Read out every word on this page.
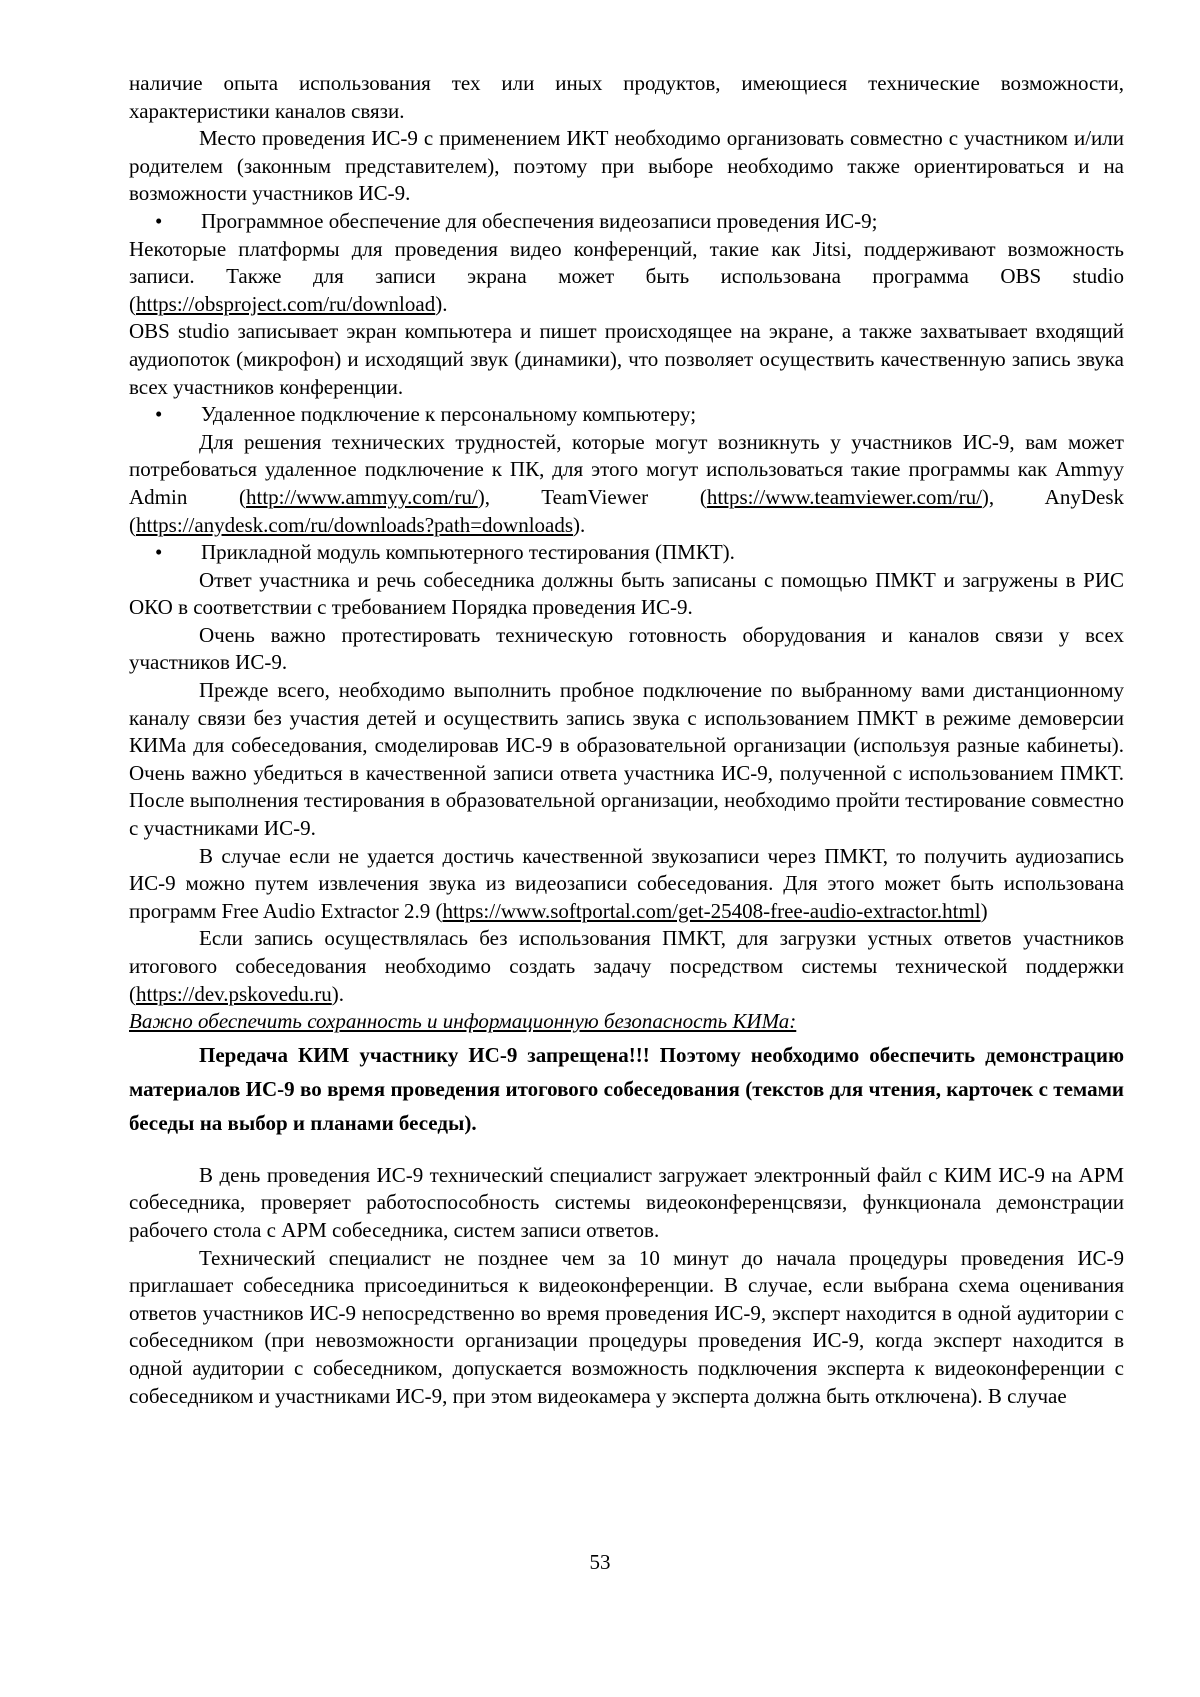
наличие опыта использования тех или иных продуктов, имеющиеся технические возможности, характеристики каналов связи.

Место проведения ИС-9 с применением ИКТ необходимо организовать совместно с участником и/или родителем (законным представителем), поэтому при выборе необходимо также ориентироваться и на возможности участников ИС-9.

• Программное обеспечение для обеспечения видеозаписи проведения ИС-9;

Некоторые платформы для проведения видео конференций, такие как Jitsi, поддерживают возможность записи. Также для записи экрана может быть использована программа OBS studio (https://obsproject.com/ru/download).

OBS studio записывает экран компьютера и пишет происходящее на экране, а также захватывает входящий аудиопоток (микрофон) и исходящий звук (динамики), что позволяет осуществить качественную запись звука всех участников конференции.

• Удаленное подключение к персональному компьютеру;

Для решения технических трудностей, которые могут возникнуть у участников ИС-9, вам может потребоваться удаленное подключение к ПК, для этого могут использоваться такие программы как Ammyy Admin (http://www.ammyy.com/ru/), TeamViewer (https://www.teamviewer.com/ru/), AnyDesk (https://anydesk.com/ru/downloads?path=downloads).

• Прикладной модуль компьютерного тестирования (ПМКТ).

Ответ участника и речь собеседника должны быть записаны с помощью ПМКТ и загружены в РИС ОКО в соответствии с требованием Порядка проведения ИС-9.

Очень важно протестировать техническую готовность оборудования и каналов связи у всех участников ИС-9.

Прежде всего, необходимо выполнить пробное подключение по выбранному вами дистанционному каналу связи без участия детей и осуществить запись звука с использованием ПМКТ в режиме демоверсии КИМа для собеседования, смоделировав ИС-9 в образовательной организации (используя разные кабинеты). Очень важно убедиться в качественной записи ответа участника ИС-9, полученной с использованием ПМКТ. После выполнения тестирования в образовательной организации, необходимо пройти тестирование совместно с участниками ИС-9.

В случае если не удается достичь качественной звукозаписи через ПМКТ, то получить аудиозапись ИС-9 можно путем извлечения звука из видеозаписи собеседования. Для этого может быть использована программ Free Audio Extractor 2.9 (https://www.softportal.com/get-25408-free-audio-extractor.html)

Если запись осуществлялась без использования ПМКТ, для загрузки устных ответов участников итогового собеседования необходимо создать задачу посредством системы технической поддержки (https://dev.pskovedu.ru).

Важно обеспечить сохранность и информационную безопасность КИМа:

Передача КИМ участнику ИС-9 запрещена!!! Поэтому необходимо обеспечить демонстрацию материалов ИС-9 во время проведения итогового собеседования (текстов для чтения, карточек с темами беседы на выбор и планами беседы).

В день проведения ИС-9 технический специалист загружает электронный файл с КИМ ИС-9 на АРМ собеседника, проверяет работоспособность системы видеоконференцсвязи, функционала демонстрации рабочего стола с АРМ собеседника, систем записи ответов.

Технический специалист не позднее чем за 10 минут до начала процедуры проведения ИС-9 приглашает собеседника присоединиться к видеоконференции. В случае, если выбрана схема оценивания ответов участников ИС-9 непосредственно во время проведения ИС-9, эксперт находится в одной аудитории с собеседником (при невозможности организации процедуры проведения ИС-9, когда эксперт находится в одной аудитории с собеседником, допускается возможность подключения эксперта к видеоконференции с собеседником и участниками ИС-9, при этом видеокамера у эксперта должна быть отключена). В случае

53
